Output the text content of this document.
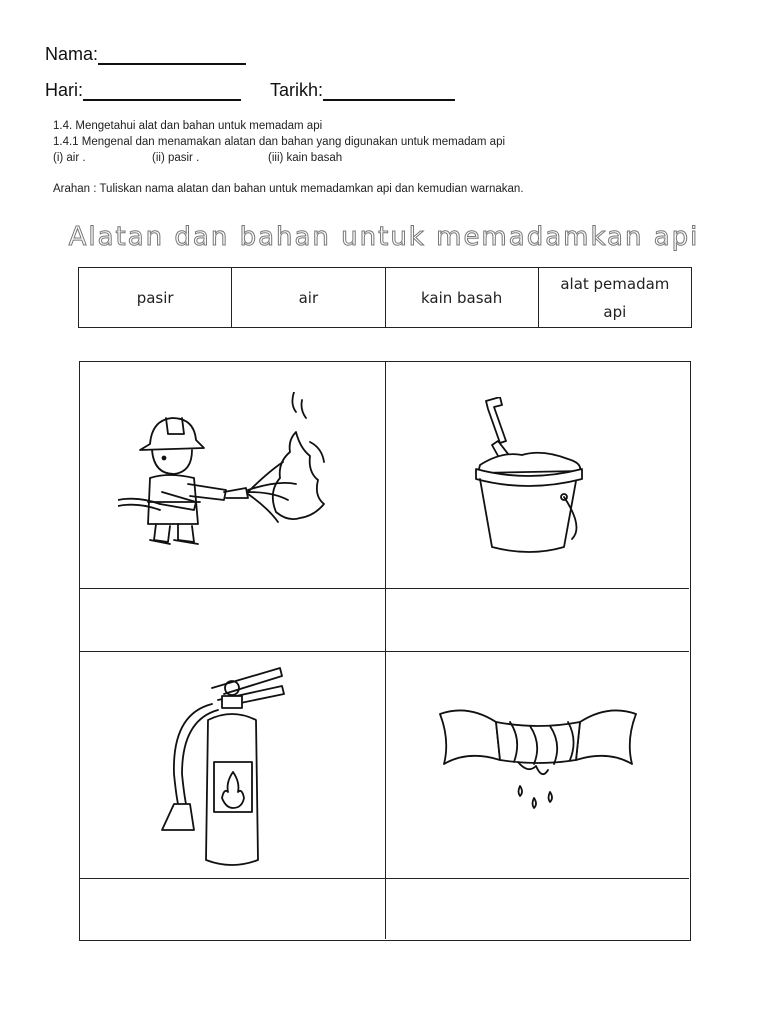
Nama:
Hari:	Tarikh:
1.4. Mengetahui alat dan bahan untuk memadam api
1.4.1 Mengenal dan menamakan alatan dan bahan yang digunakan untuk memadam api
(i) air .	(ii) pasir .	(iii) kain basah
Arahan : Tuliskan nama alatan dan bahan untuk memadamkan api dan kemudian warnakan.
Alatan dan bahan untuk memadamkan api
pasir	air	kain basah	alat pemadam api
